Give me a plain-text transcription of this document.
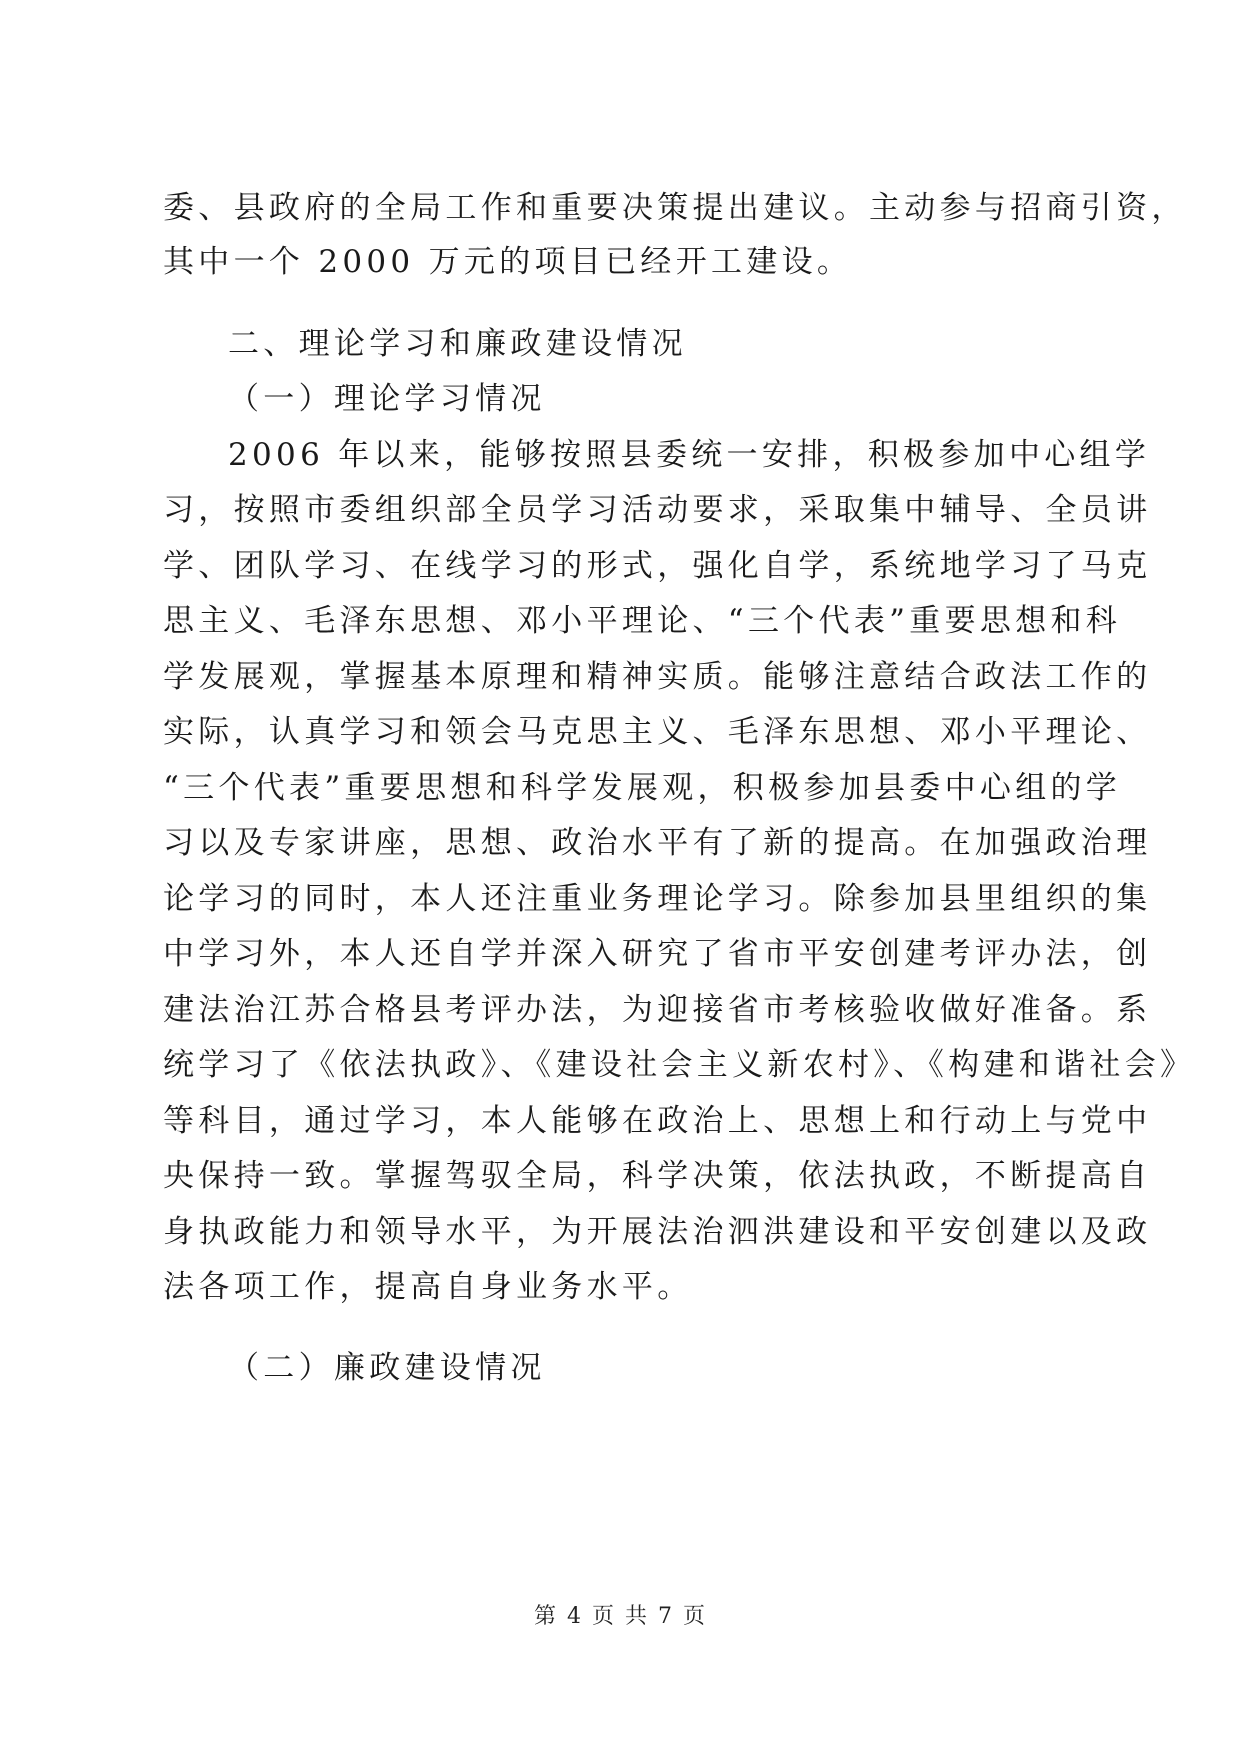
委、县政府的全局工作和重要决策提出建议。主动参与招商引资，
其中一个 2000 万元的项目已经开工建设。
二、理论学习和廉政建设情况
（一）理论学习情况
2006 年以来，能够按照县委统一安排，积极参加中心组学
习，按照市委组织部全员学习活动要求，采取集中辅导、全员讲
学、团队学习、在线学习的形式，强化自学，系统地学习了马克
思主义、毛泽东思想、邓小平理论、“三个代表”重要思想和科
学发展观，掌握基本原理和精神实质。能够注意结合政法工作的
实际，认真学习和领会马克思主义、毛泽东思想、邓小平理论、
“三个代表”重要思想和科学发展观，积极参加县委中心组的学
习以及专家讲座，思想、政治水平有了新的提高。在加强政治理
论学习的同时，本人还注重业务理论学习。除参加县里组织的集
中学习外，本人还自学并深入研究了省市平安创建考评办法，创
建法治江苏合格县考评办法，为迎接省市考核验收做好准备。系
统学习了《依法执政》、《建设社会主义新农村》、《构建和谐社会》
等科目，通过学习，本人能够在政治上、思想上和行动上与党中
央保持一致。掌握驾驭全局，科学决策，依法执政，不断提高自
身执政能力和领导水平，为开展法治泗洪建设和平安创建以及政
法各项工作，提高自身业务水平。
（二）廉政建设情况
第 4 页 共 7 页
